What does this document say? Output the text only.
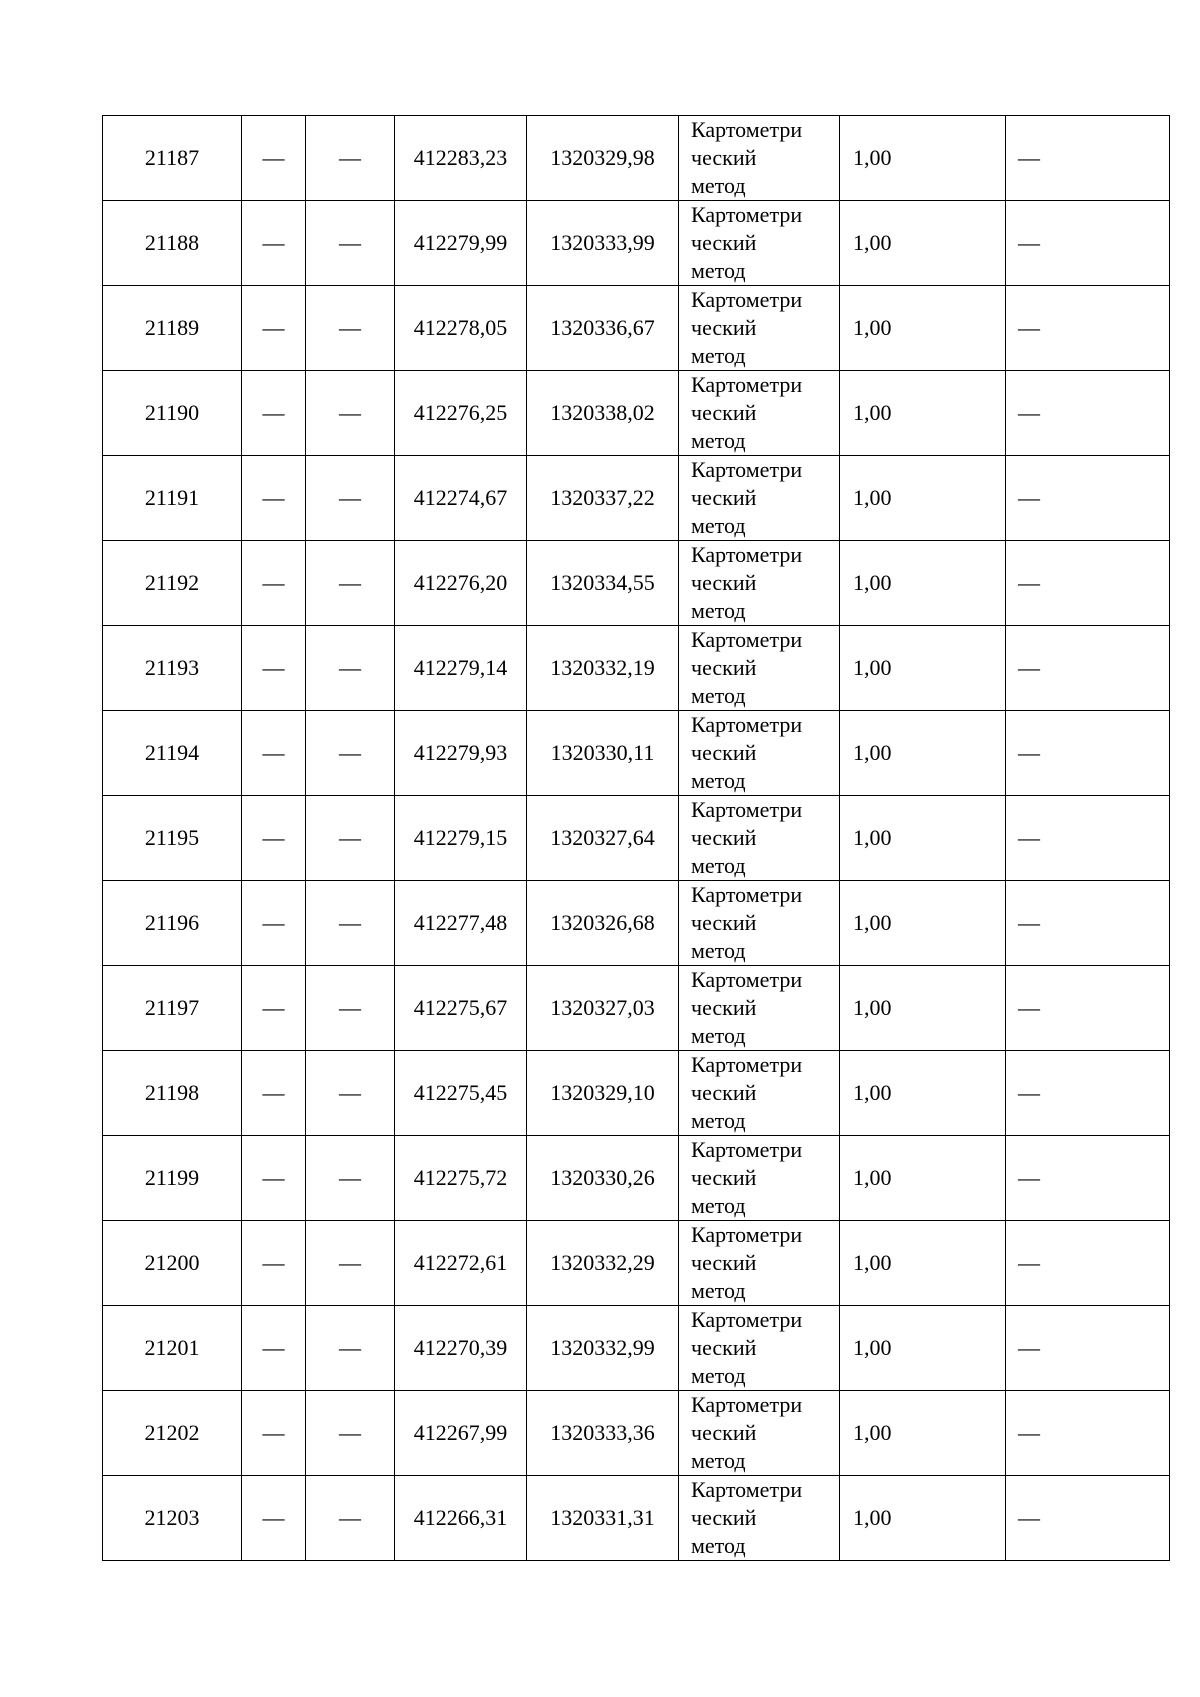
21187	—	—	412283,23	1320329,98	Картометри
ческий
метод	1,00	—
21188	—	—	412279,99	1320333,99	Картометри
ческий
метод	1,00	—
21189	—	—	412278,05	1320336,67	Картометри
ческий
метод	1,00	—
21190	—	—	412276,25	1320338,02	Картометри
ческий
метод	1,00	—
21191	—	—	412274,67	1320337,22	Картометри
ческий
метод	1,00	—
21192	—	—	412276,20	1320334,55	Картометри
ческий
метод	1,00	—
21193	—	—	412279,14	1320332,19	Картометри
ческий
метод	1,00	—
21194	—	—	412279,93	1320330,11	Картометри
ческий
метод	1,00	—
21195	—	—	412279,15	1320327,64	Картометри
ческий
метод	1,00	—
21196	—	—	412277,48	1320326,68	Картометри
ческий
метод	1,00	—
21197	—	—	412275,67	1320327,03	Картометри
ческий
метод	1,00	—
21198	—	—	412275,45	1320329,10	Картометри
ческий
метод	1,00	—
21199	—	—	412275,72	1320330,26	Картометри
ческий
метод	1,00	—
21200	—	—	412272,61	1320332,29	Картометри
ческий
метод	1,00	—
21201	—	—	412270,39	1320332,99	Картометри
ческий
метод	1,00	—
21202	—	—	412267,99	1320333,36	Картометри
ческий
метод	1,00	—
21203	—	—	412266,31	1320331,31	Картометри
ческий
метод	1,00	—
